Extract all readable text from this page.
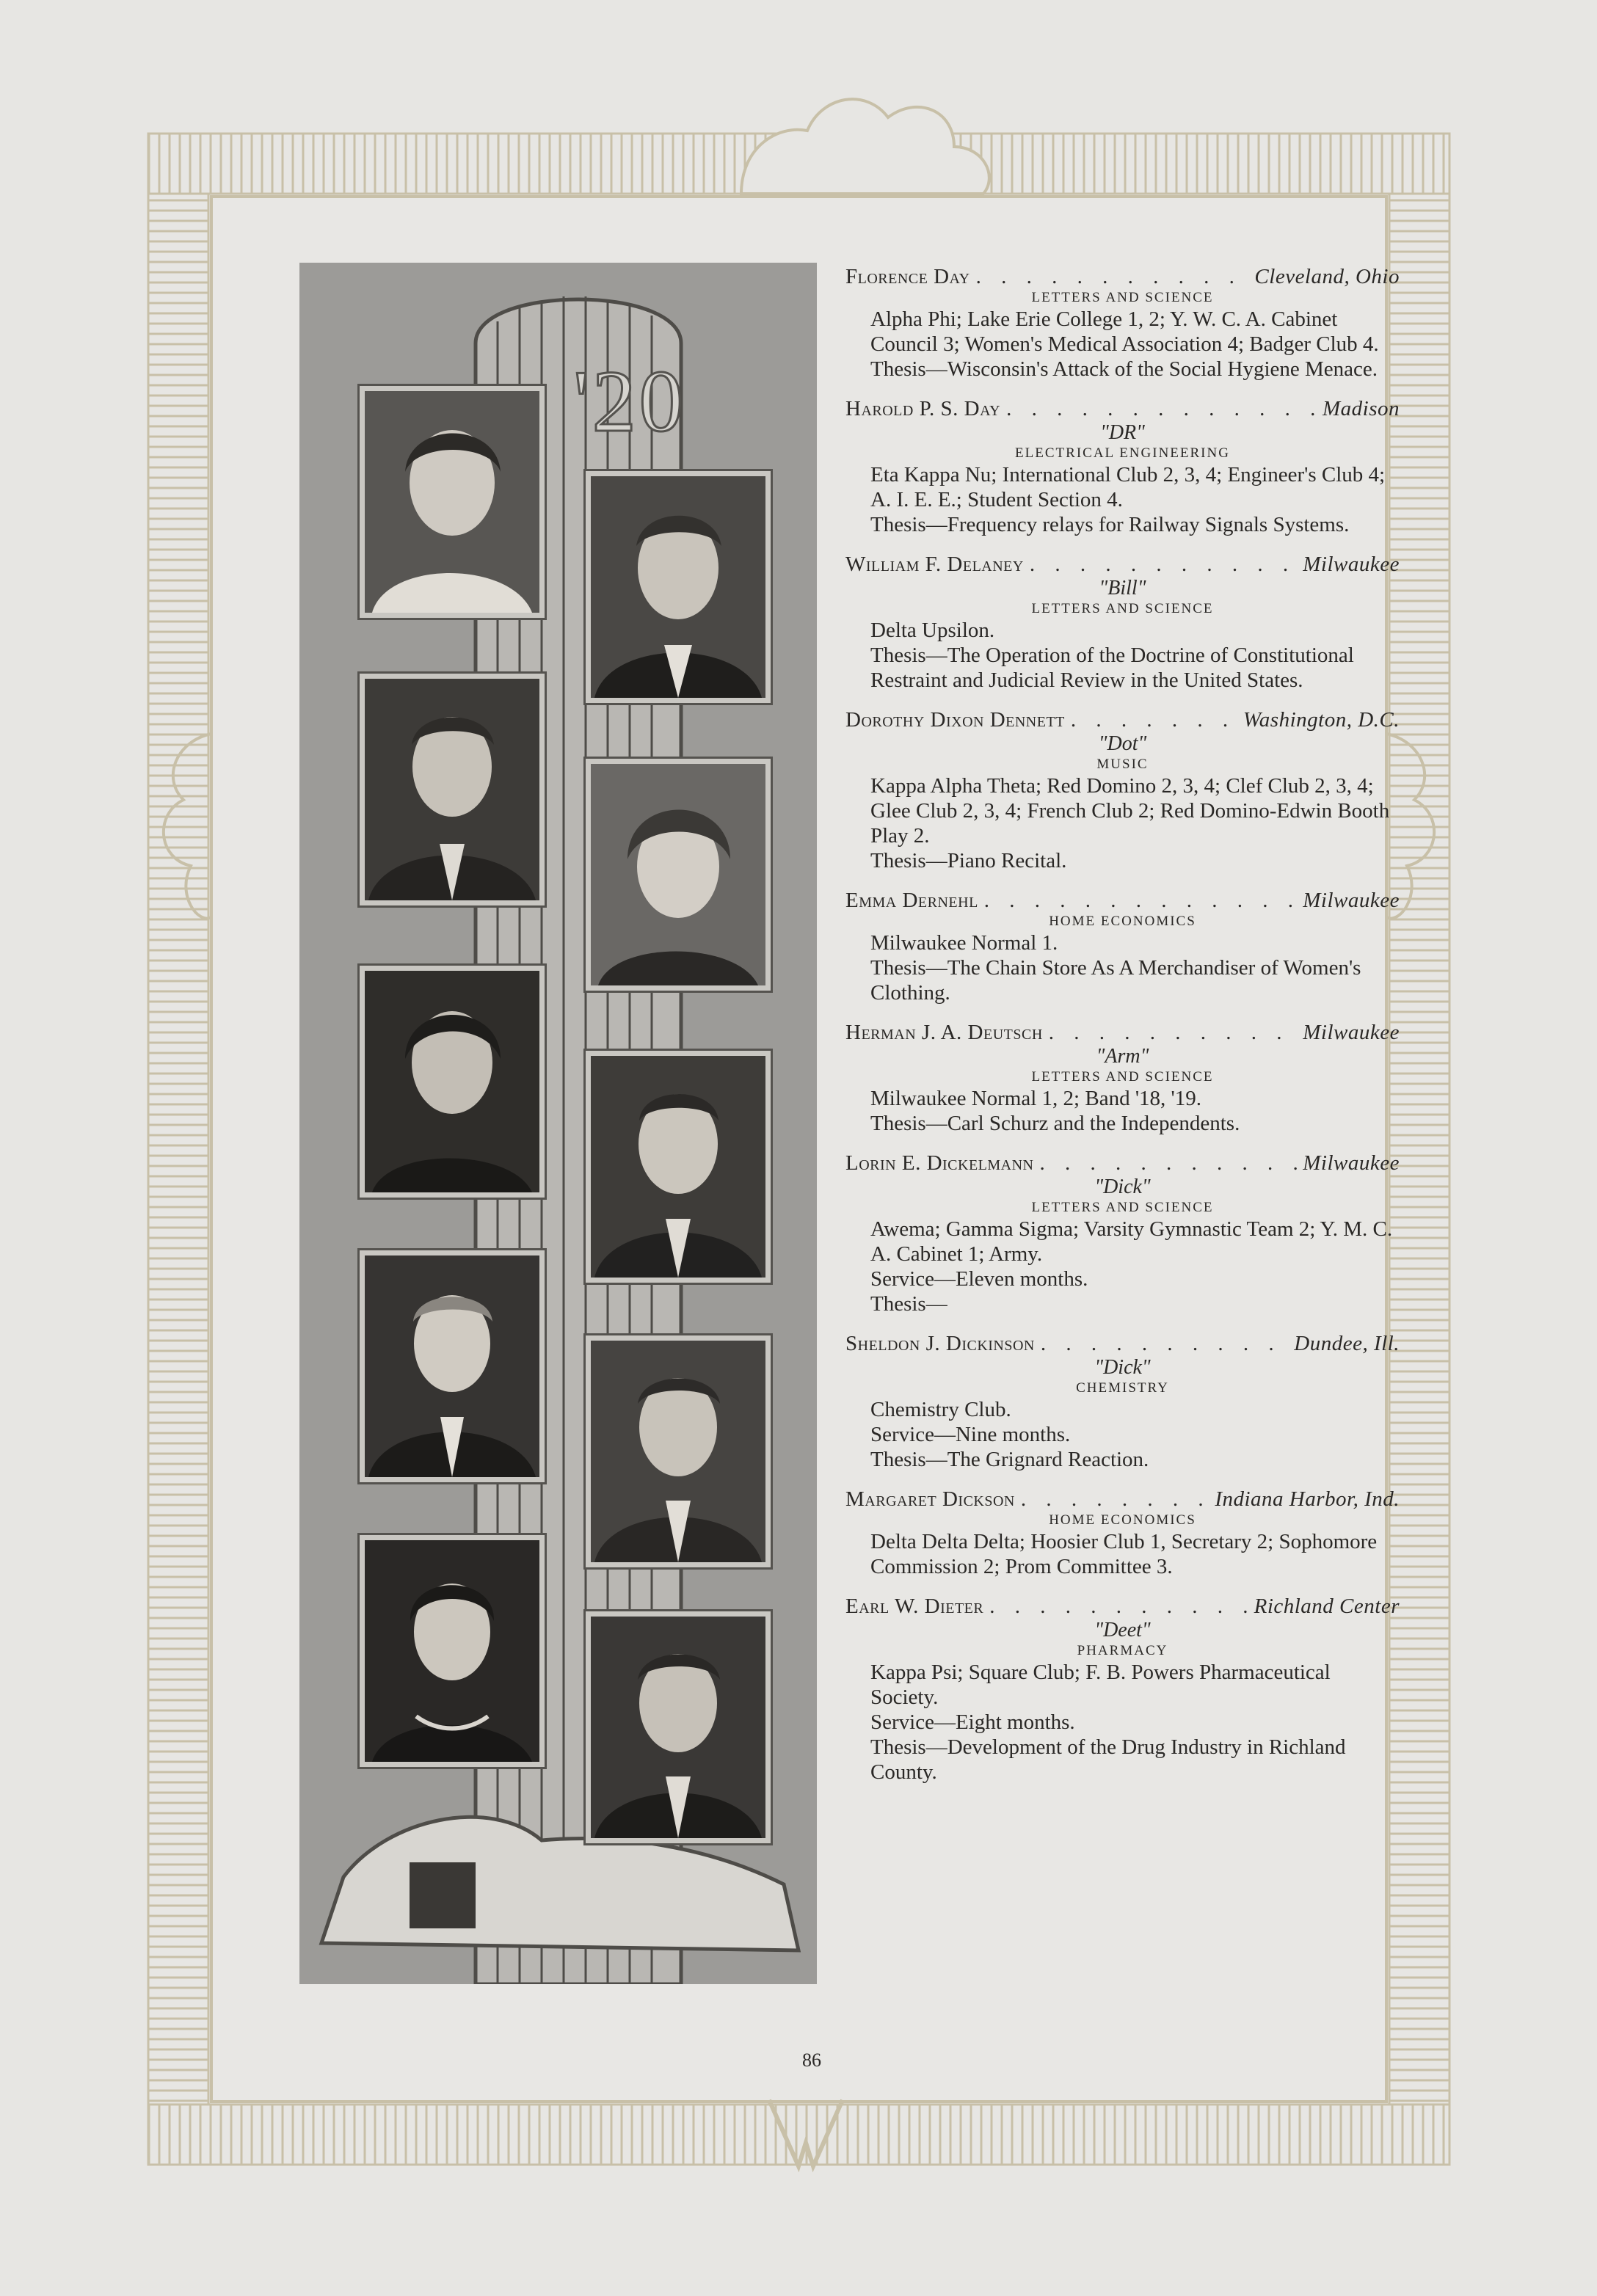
'20
Florence Day . . .	Cleveland, Ohio
LETTERS AND SCIENCE

Alpha Phi; Lake Erie College 1, 2; Y. W. C. A. Cabinet Council 3; Women's Medical Association 4; Badger Club 4.

Thesis—Wisconsin's Attack of the Social Hygiene Menace.

Harold P. S. Day . . .	Madison
"DR"
ELECTRICAL ENGINEERING

Eta Kappa Nu; International Club 2, 3, 4; Engineer's Club 4; A. I. E. E.; Student Section 4.

Thesis—Frequency relays for Railway Signals Systems.

William F. Delaney . . .	Milwaukee
"Bill"
LETTERS AND SCIENCE

Delta Upsilon.

Thesis—The Operation of the Doctrine of Constitutional Restraint and Judicial Review in the United States.

Dorothy Dixon Dennett . . .	Washington, D.C.
"Dot"
MUSIC

Kappa Alpha Theta; Red Domino 2, 3, 4; Clef Club 2, 3, 4; Glee Club 2, 3, 4; French Club 2; Red Domino-Edwin Booth Play 2.

Thesis—Piano Recital.

Emma Dernehl . . .	Milwaukee
HOME ECONOMICS

Milwaukee Normal 1.

Thesis—The Chain Store As A Merchandiser of Women's Clothing.

Herman J. A. Deutsch . . .	Milwaukee
"Arm"
LETTERS AND SCIENCE

Milwaukee Normal 1, 2; Band '18, '19.

Thesis—Carl Schurz and the Independents.

Lorin E. Dickelmann . . .	Milwaukee
"Dick"
LETTERS AND SCIENCE

Awema; Gamma Sigma; Varsity Gymnastic Team 2; Y. M. C. A. Cabinet 1; Army.

Service—Eleven months.

Thesis—

Sheldon J. Dickinson . . .	Dundee, Ill.
"Dick"
CHEMISTRY

Chemistry Club.

Service—Nine months.

Thesis—The Grignard Reaction.

Margaret Dickson . . .	Indiana Harbor, Ind.
HOME ECONOMICS

Delta Delta Delta; Hoosier Club 1, Secretary 2; Sophomore Commission 2; Prom Committee 3.

Earl W. Dieter . . .	Richland Center
"Deet"
PHARMACY

Kappa Psi; Square Club; F. B. Powers Pharmaceutical Society.

Service—Eight months.

Thesis—Development of the Drug Industry in Richland County.

86
